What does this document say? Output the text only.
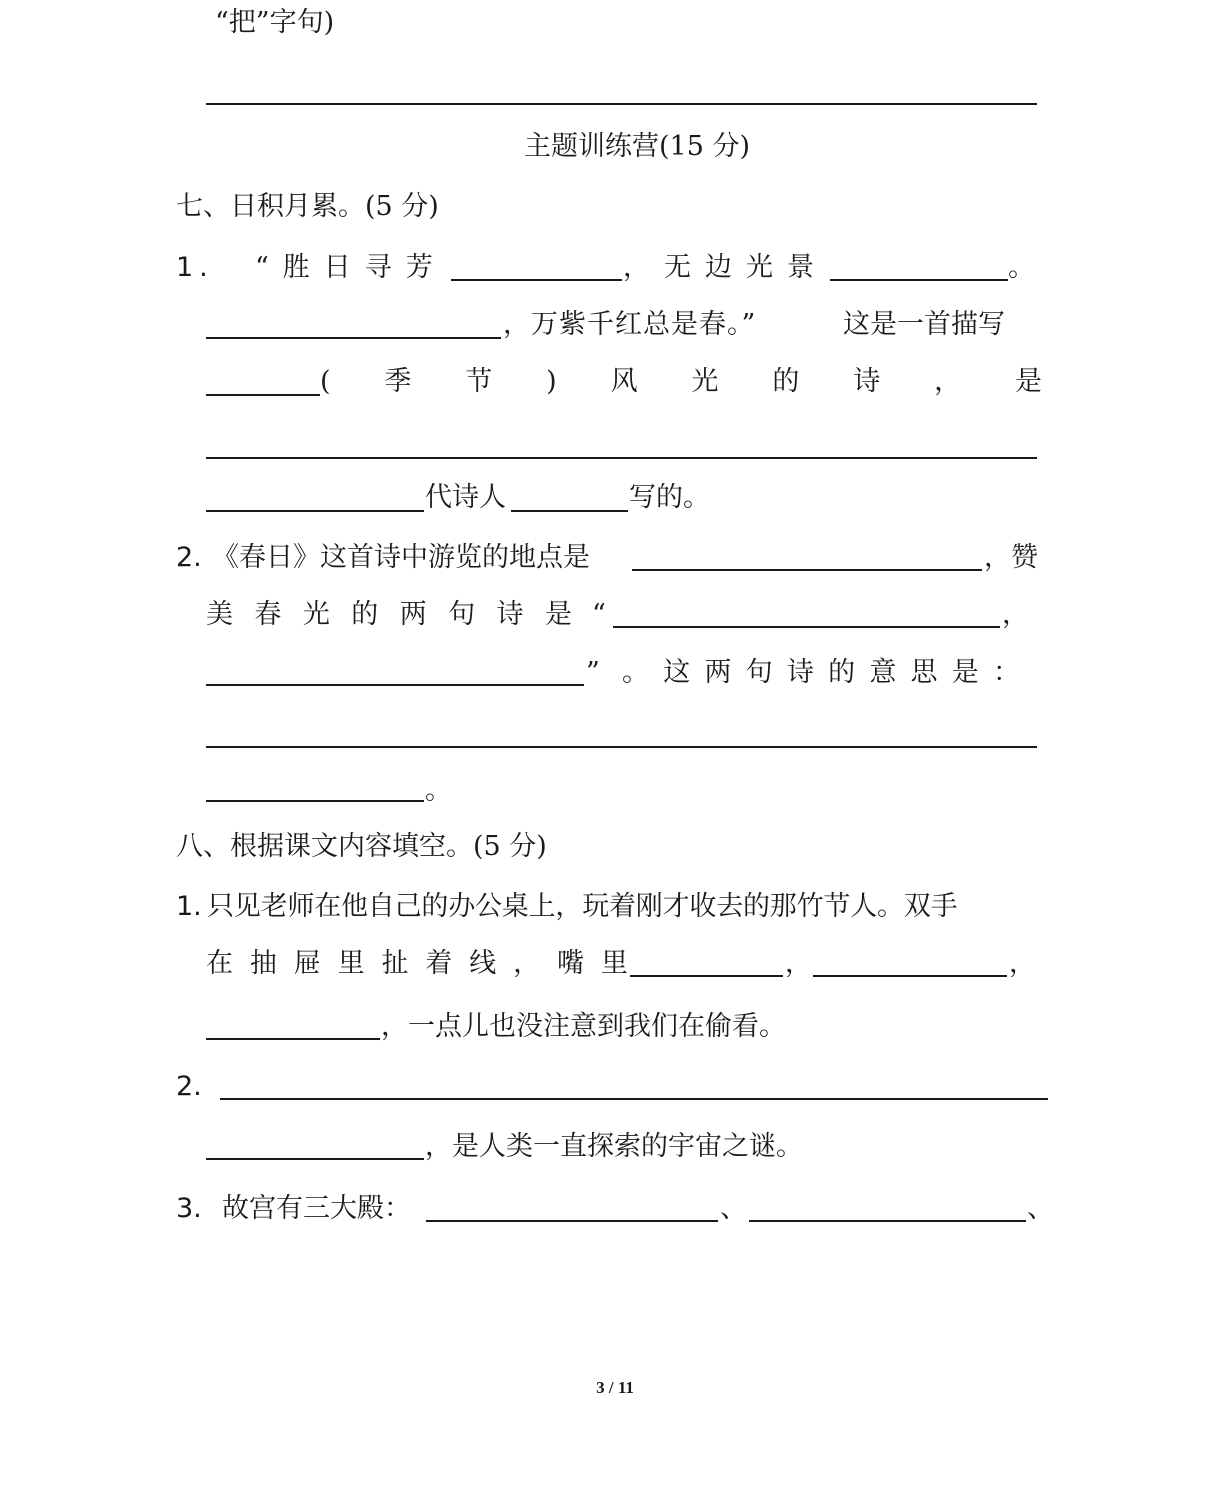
“把”字句)
主题训练营(15 分)
七、日积月累。(5 分)
1. “胜日寻芳	，无边光景	。
，万紫千红总是春。”	这是一首描写
( 季 节 ) 风 光 的 诗 ， 是
代诗人	写的。
2. 《春日》这首诗中游览的地点是	，赞
美 春 光 的 两 句 诗 是 “	，
” 。 这 两 句 诗 的 意 思 是 ：
。
八、根据课文内容填空。(5 分)
1. 只见老师在他自己的办公桌上，玩着刚才收去的那竹节人。双手
在 抽 屉 里 扯 着 线 ， 嘴 里	，	，
，一点儿也没注意到我们在偷看。
2.
，是人类一直探索的宇宙之谜。
3. 故宫有三大殿：	、	、
3 / 11
